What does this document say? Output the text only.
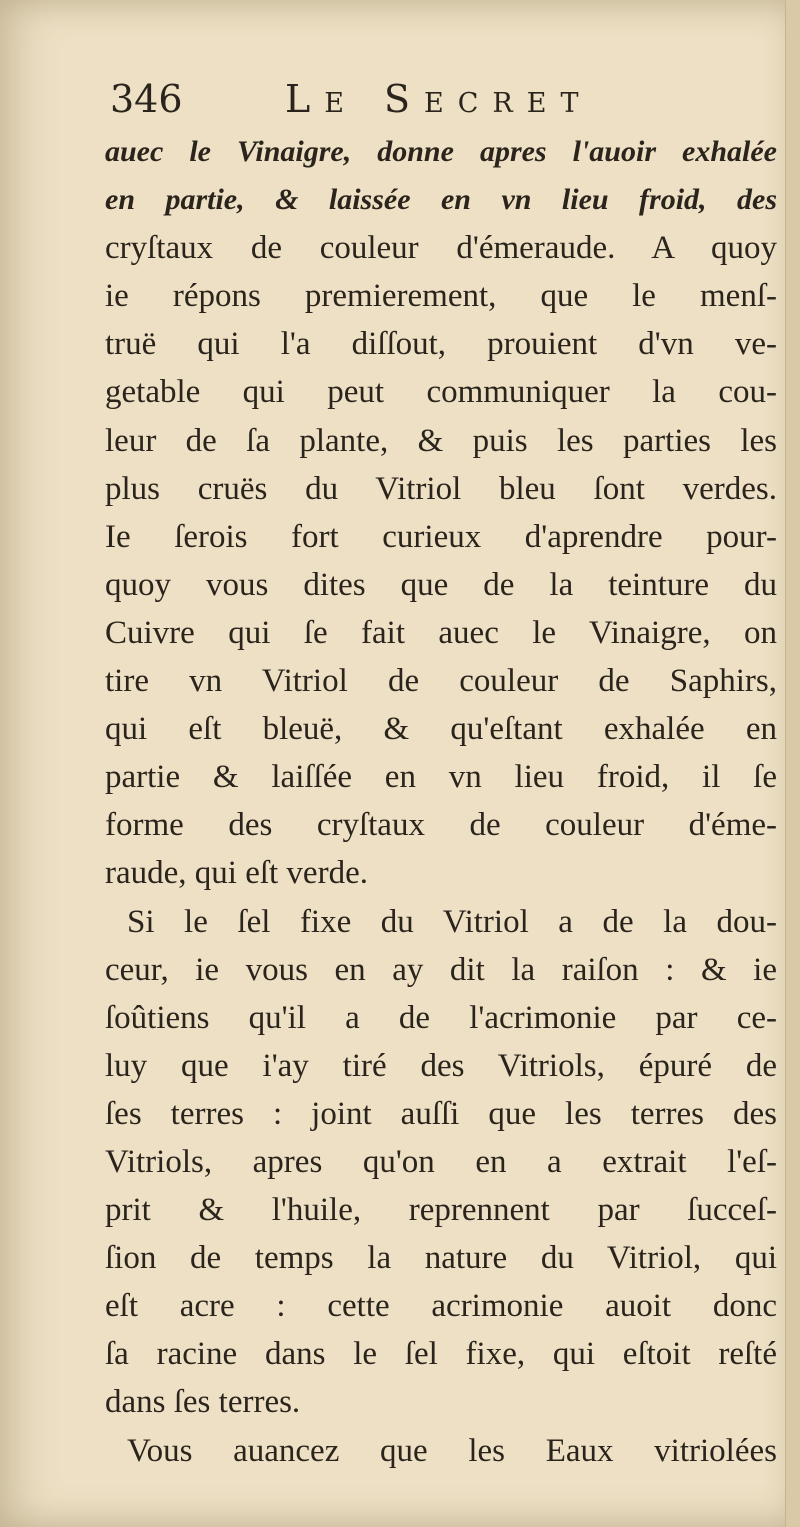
346	Le Secret
auec le Vinaigre, donne apres l'auoir exhalée
en partie, & laissée en vn lieu froid, des
cryſtaux de couleur d'émeraude. A quoy
ie répons premierement, que le menſ-
truë qui l'a diſſout, prouient d'vn ve-
getable qui peut communiquer la cou-
leur de ſa plante, & puis les parties les
plus cruës du Vitriol bleu ſont verdes.
Ie ſerois fort curieux d'aprendre pour-
quoy vous dites que de la teinture du
Cuivre qui ſe fait auec le Vinaigre, on
tire vn Vitriol de couleur de Saphirs,
qui eſt bleuë, & qu'eſtant exhalée en
partie & laiſſée en vn lieu froid, il ſe
forme des cryſtaux de couleur d'éme-
raude, qui eſt verde.
Si le ſel fixe du Vitriol a de la dou-
ceur, ie vous en ay dit la raiſon : & ie
ſoûtiens qu'il a de l'acrimonie par ce-
luy que i'ay tiré des Vitriols, épuré de
ſes terres : joint auſſi que les terres des
Vitriols, apres qu'on en a extrait l'eſ-
prit & l'huile, reprennent par ſucceſ-
ſion de temps la nature du Vitriol, qui
eſt acre : cette acrimonie auoit donc
ſa racine dans le ſel fixe, qui eſtoit reſté
dans ſes terres.
Vous auancez que les Eaux vitriolées
